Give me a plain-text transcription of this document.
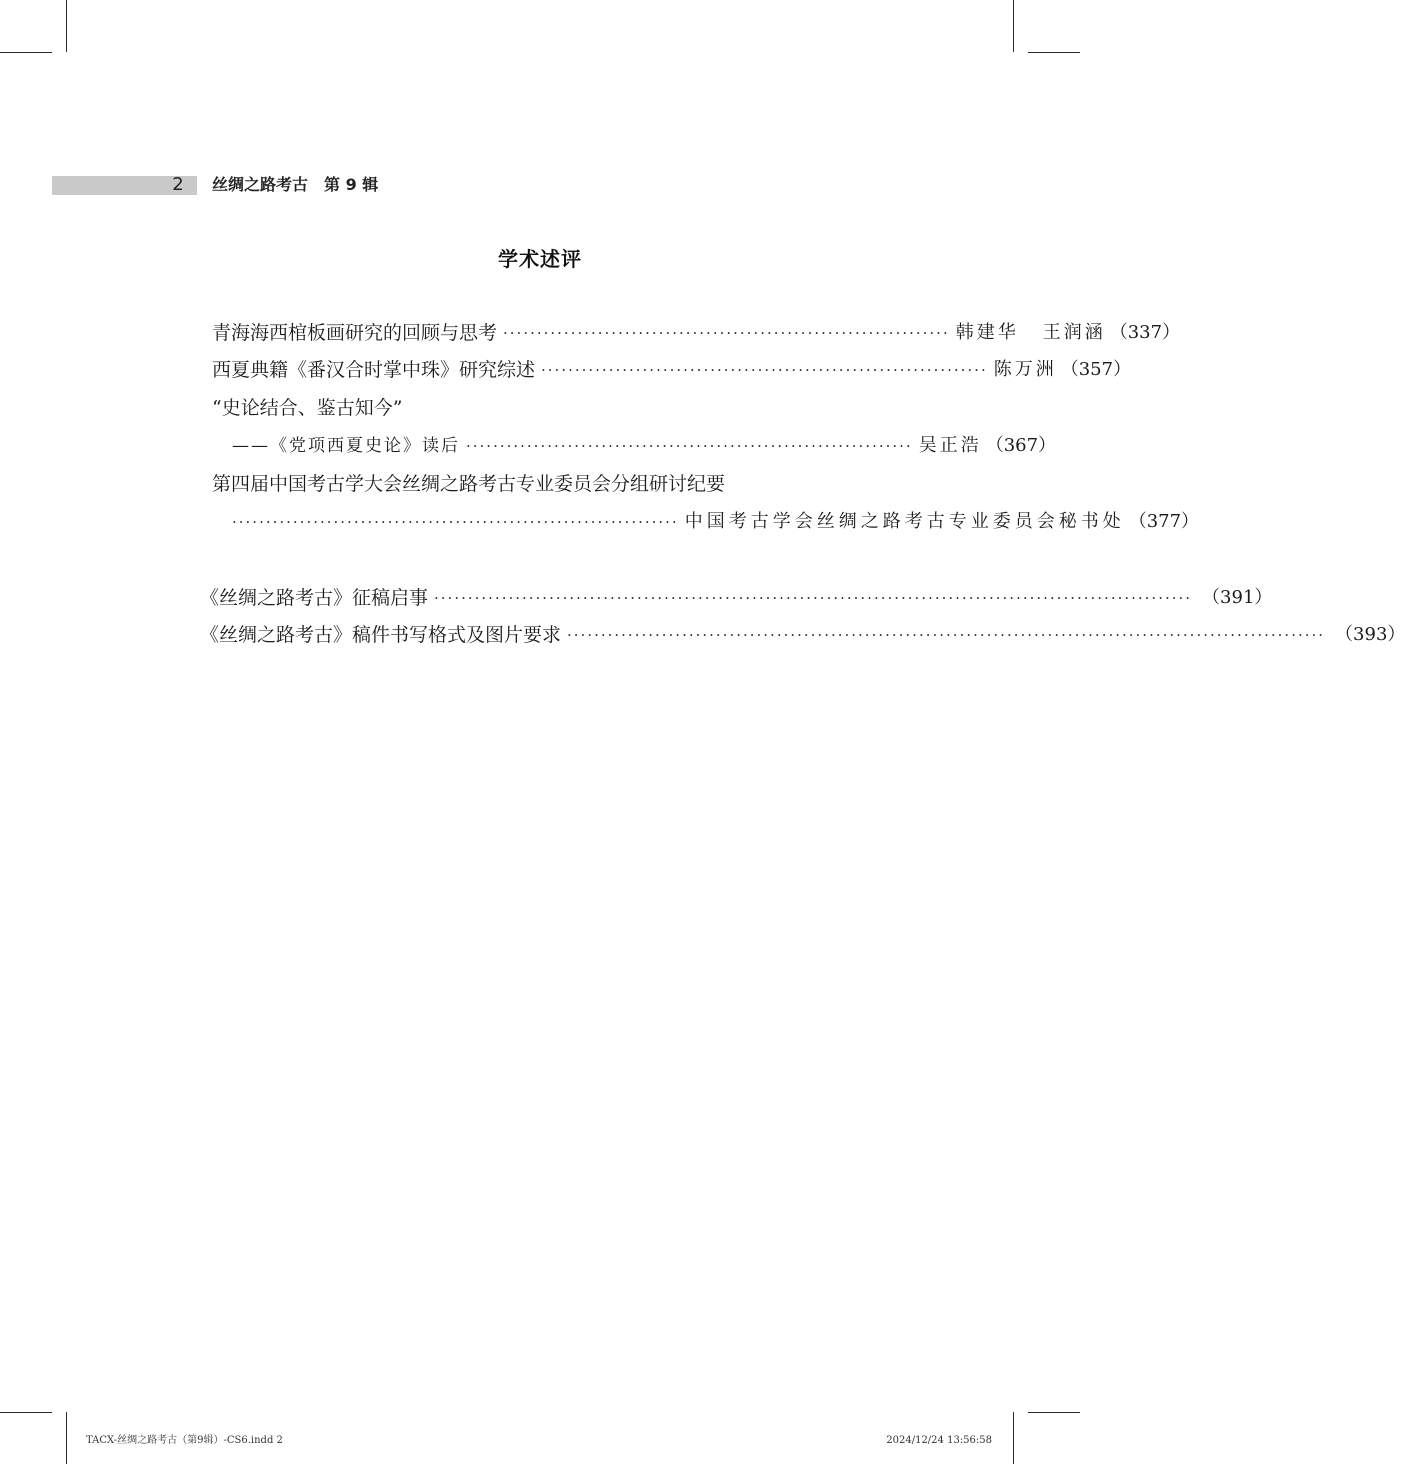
2	丝绸之路考古　第 9 辑
学术述评
青海海西棺板画研究的回顾与思考 ·································································· 韩建华 王润涵 （337）
西夏典籍《番汉合时掌中珠》研究综述 ·································································· 陈万洲 （357）
“史论结合、鉴古知今”
——《党项西夏史论》读后 ·································································· 吴正浩 （367）
第四届中国考古学大会丝绸之路考古专业委员会分组研讨纪要
·································································· 中国考古学会丝绸之路考古专业委员会秘书处 （377）
《丝绸之路考古》征稿启事 ················································································································ （391）
《丝绸之路考古》稿件书写格式及图片要求 ················································································································ （393）
TACX-丝绸之路考古（第9辑）-CS6.indd 2	2024/12/24 13:56:58
